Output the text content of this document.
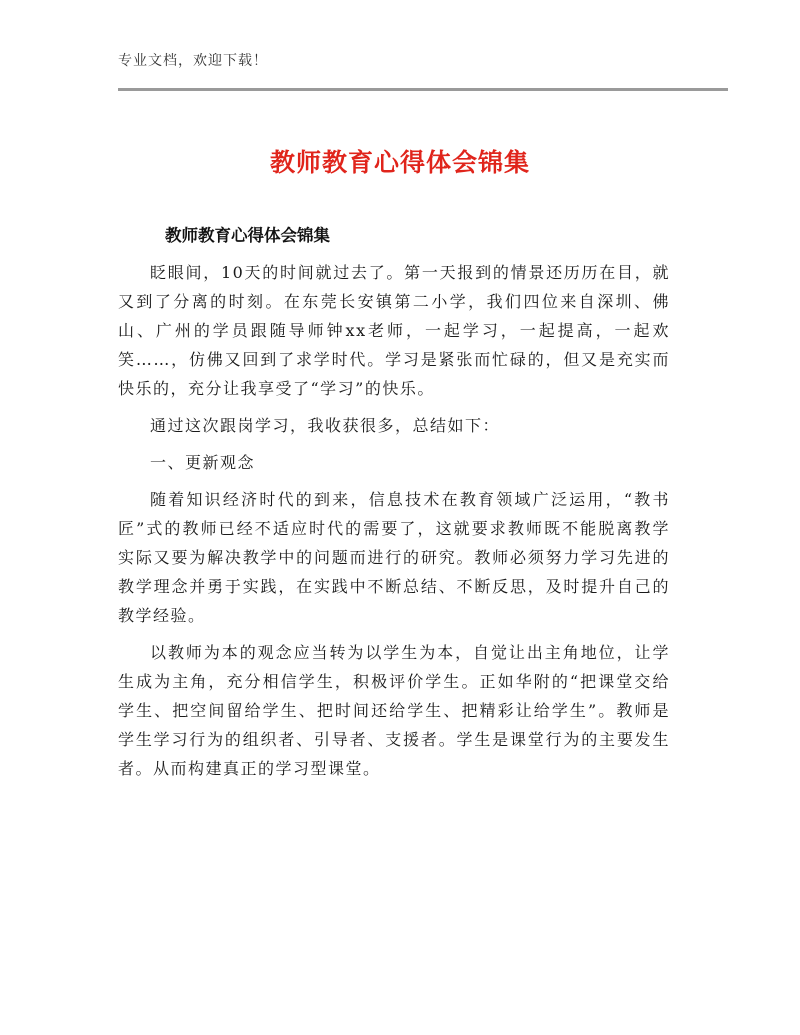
专业文档，欢迎下载！
教师教育心得体会锦集
教师教育心得体会锦集

眨眼间，10天的时间就过去了。第一天报到的情景还历历在目，就又到了分离的时刻。在东莞长安镇第二小学，我们四位来自深圳、佛山、广州的学员跟随导师钟xx老师，一起学习，一起提高，一起欢笑……，仿佛又回到了求学时代。学习是紧张而忙碌的，但又是充实而快乐的，充分让我享受了“学习”的快乐。

通过这次跟岗学习，我收获很多，总结如下：

一、更新观念

随着知识经济时代的到来，信息技术在教育领域广泛运用，“教书匠”式的教师已经不适应时代的需要了，这就要求教师既不能脱离教学实际又要为解决教学中的问题而进行的研究。教师必须努力学习先进的教学理念并勇于实践，在实践中不断总结、不断反思，及时提升自己的教学经验。

以教师为本的观念应当转为以学生为本，自觉让出主角地位，让学生成为主角，充分相信学生，积极评价学生。正如华附的“把课堂交给学生、把空间留给学生、把时间还给学生、把精彩让给学生”。教师是学生学习行为的组织者、引导者、支援者。学生是课堂行为的主要发生者。从而构建真正的学习型课堂。
